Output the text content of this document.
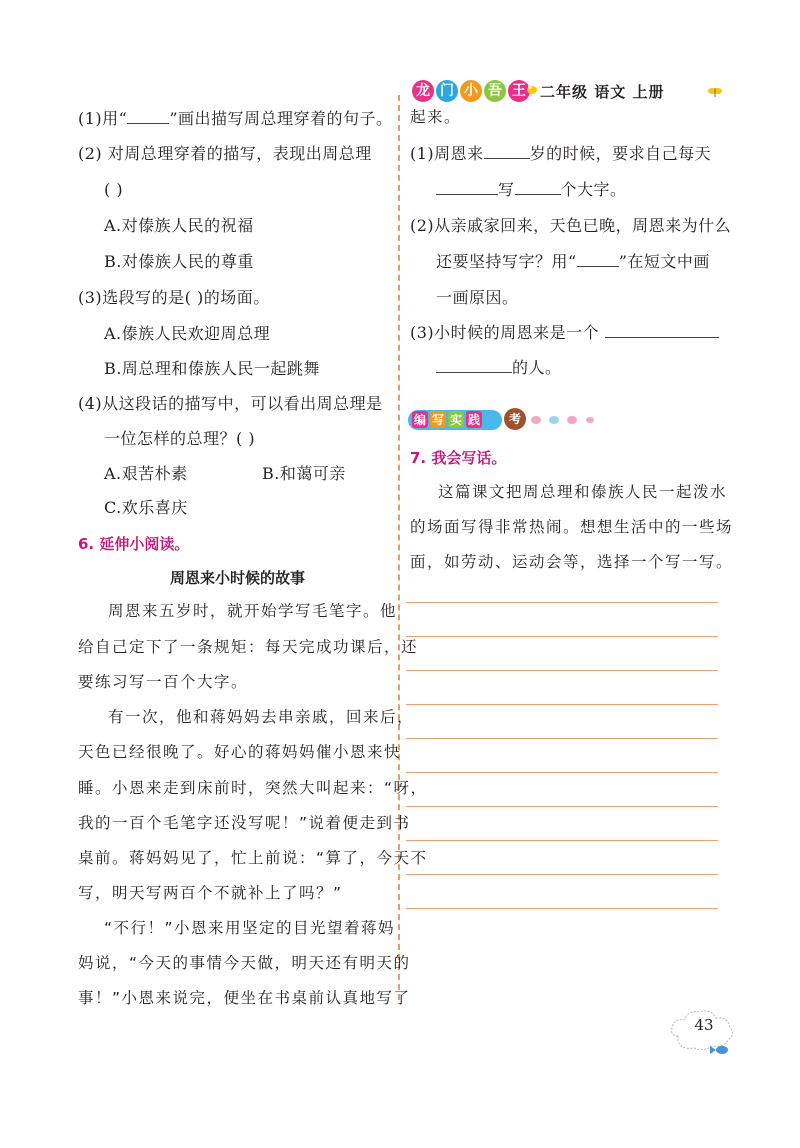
龙 门 小 吾 王 二年级 语文 上册
(1)用“	”画出描写周总理穿着的句子。
(2) 对周总理穿着的描写，表现出周总理
( )
A.对傣族人民的祝福
B.对傣族人民的尊重
(3)选段写的是( )的场面。
A.傣族人民欢迎周总理
B.周总理和傣族人民一起跳舞
(4)从这段话的描写中，可以看出周总理是
一位怎样的总理？( )
A.艰苦朴素	B.和蔼可亲
C.欢乐喜庆
6. 延伸小阅读。
周恩来小时候的故事
周恩来五岁时，就开始学写毛笔字。他
给自己定下了一条规矩：每天完成功课后，还
要练习写一百个大字。
有一次，他和蒋妈妈去串亲戚，回来后，
天色已经很晚了。好心的蒋妈妈催小恩来快
睡。小恩来走到床前时，突然大叫起来：“呀，
我的一百个毛笔字还没写呢！”说着便走到书
桌前。蒋妈妈见了，忙上前说：“算了，今天不
写，明天写两百个不就补上了吗？”
“不行！”小恩来用坚定的目光望着蒋妈
妈说，“今天的事情今天做，明天还有明天的
事！”小恩来说完，便坐在书桌前认真地写了
起来。
(1)周恩来	岁的时候，要求自己每天
写	个大字。
(2)从亲戚家回来，天色已晚，周恩来为什么
还要坚持写字？用“	”在短文中画
一画原因。
(3)小时候的周恩来是一个
的人。
编 写 实 践	考
7. 我会写话。
这篇课文把周总理和傣族人民一起泼水
的场面写得非常热闹。想想生活中的一些场
面，如劳动、运动会等，选择一个写一写。
43
